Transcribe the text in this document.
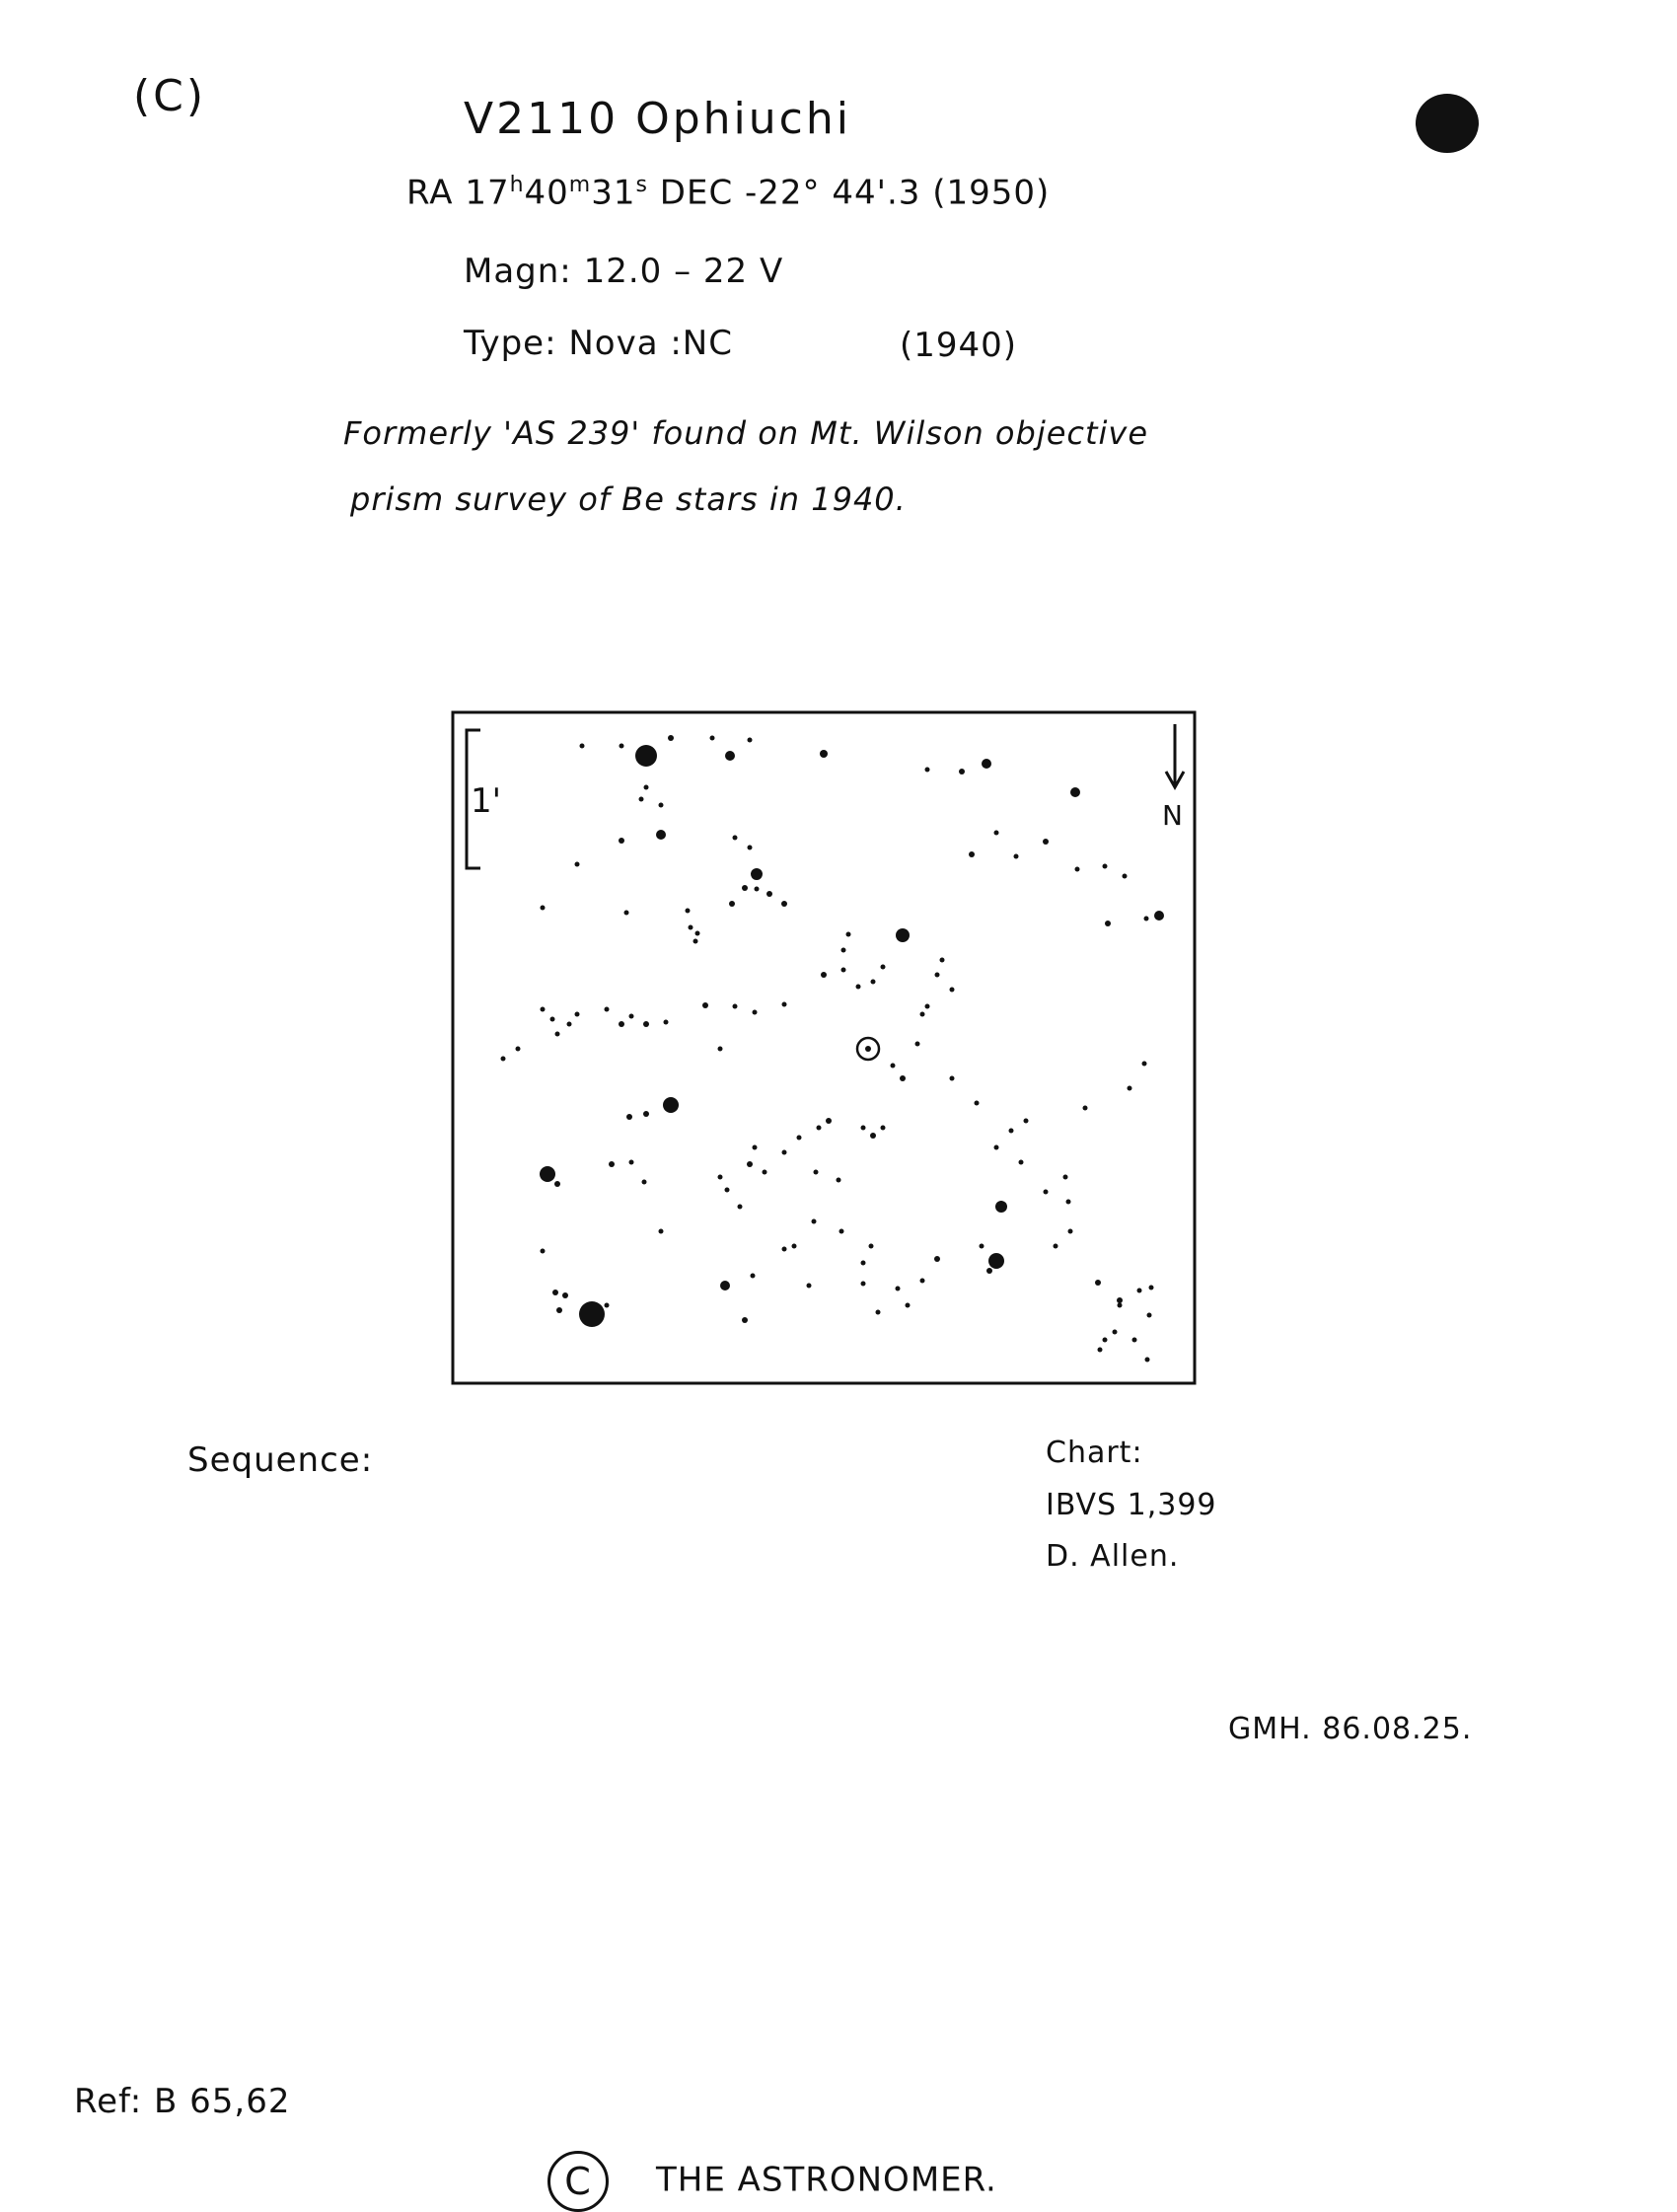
(C)	V2110 Ophiuchi
RA 17$^h$40$^m$31$^s$ DEC -22° 44'.3 (1950)
Magn: 12.0 – 22 V
Type: Nova :NC	(1940)
Formerly 'AS 239' found on Mt. Wilson objective
prism survey of Be stars in 1940.
1'	N
Sequence:	Chart:
IBVS 1,399
D. Allen.
GMH. 86.08.25.
Ref: B 65,62
C THE ASTRONOMER.
